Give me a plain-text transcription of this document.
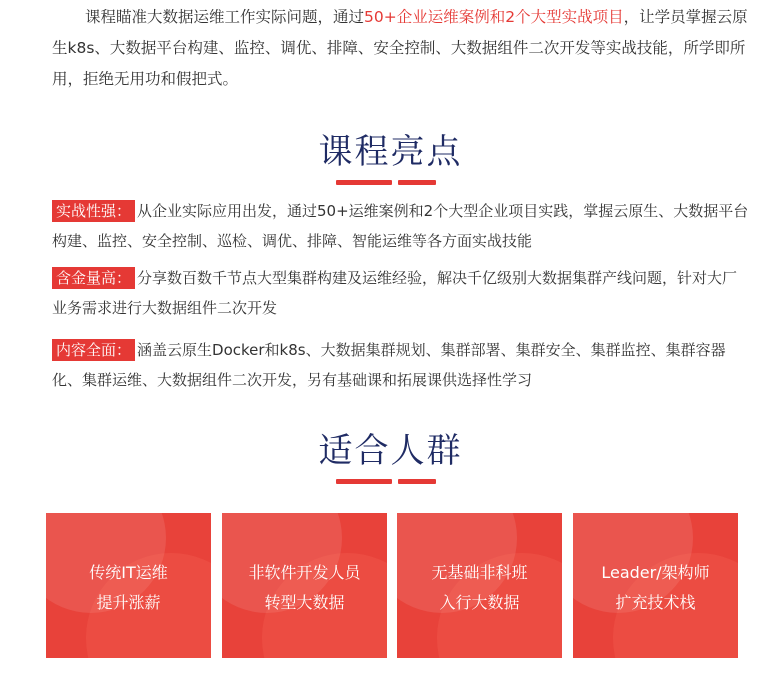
课程瞄准大数据运维工作实际问题，通过50+企业运维案例和2个大型实战项目，让学员掌握云原生k8s、大数据平台构建、监控、调优、排障、安全控制、大数据组件二次开发等实战技能，所学即所用，拒绝无用功和假把式。

课程亮点
实战性强： 从企业实际应用出发，通过50+运维案例和2个大型企业项目实践，掌握云原生、大数据平台构建、监控、安全控制、巡检、调优、排障、智能运维等各方面实战技能
含金量高： 分享数百数千节点大型集群构建及运维经验，解决千亿级别大数据集群产线问题，针对大厂业务需求进行大数据组件二次开发
内容全面： 涵盖云原生Docker和k8s、大数据集群规划、集群部署、集群安全、集群监控、集群容器化、集群运维、大数据组件二次开发，另有基础课和拓展课供选择性学习
适合人群
传统IT运维
提升涨薪
非软件开发人员
转型大数据
无基础非科班
入行大数据
Leader/架构师
扩充技术栈
